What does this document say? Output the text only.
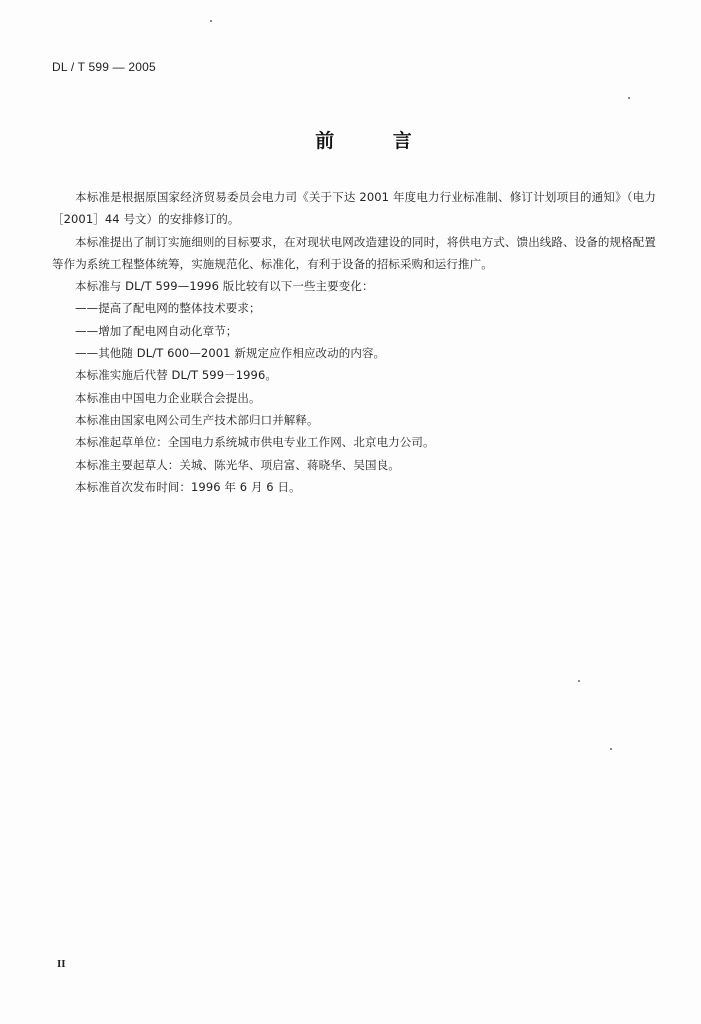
DL / T 599 — 2005
前 言

本标准是根据原国家经济贸易委员会电力司《关于下达 2001 年度电力行业标准制、修订计划项目的通知》（电力［2001］44 号文）的安排修订的。

本标准提出了制订实施细则的目标要求，在对现状电网改造建设的同时，将供电方式、馈出线路、设备的规格配置等作为系统工程整体统筹，实施规范化、标准化，有利于设备的招标采购和运行推广。

本标准与 DL/T 599—1996 版比较有以下一些主要变化：

——提高了配电网的整体技术要求；

——增加了配电网自动化章节；

——其他随 DL/T 600—2001 新规定应作相应改动的内容。

本标准实施后代替 DL/T 599－1996。

本标准由中国电力企业联合会提出。

本标准由国家电网公司生产技术部归口并解释。

本标准起草单位：全国电力系统城市供电专业工作网、北京电力公司。

本标准主要起草人：关城、陈光华、项启富、蒋晓华、吴国良。

本标准首次发布时间：1996 年 6 月 6 日。

II
